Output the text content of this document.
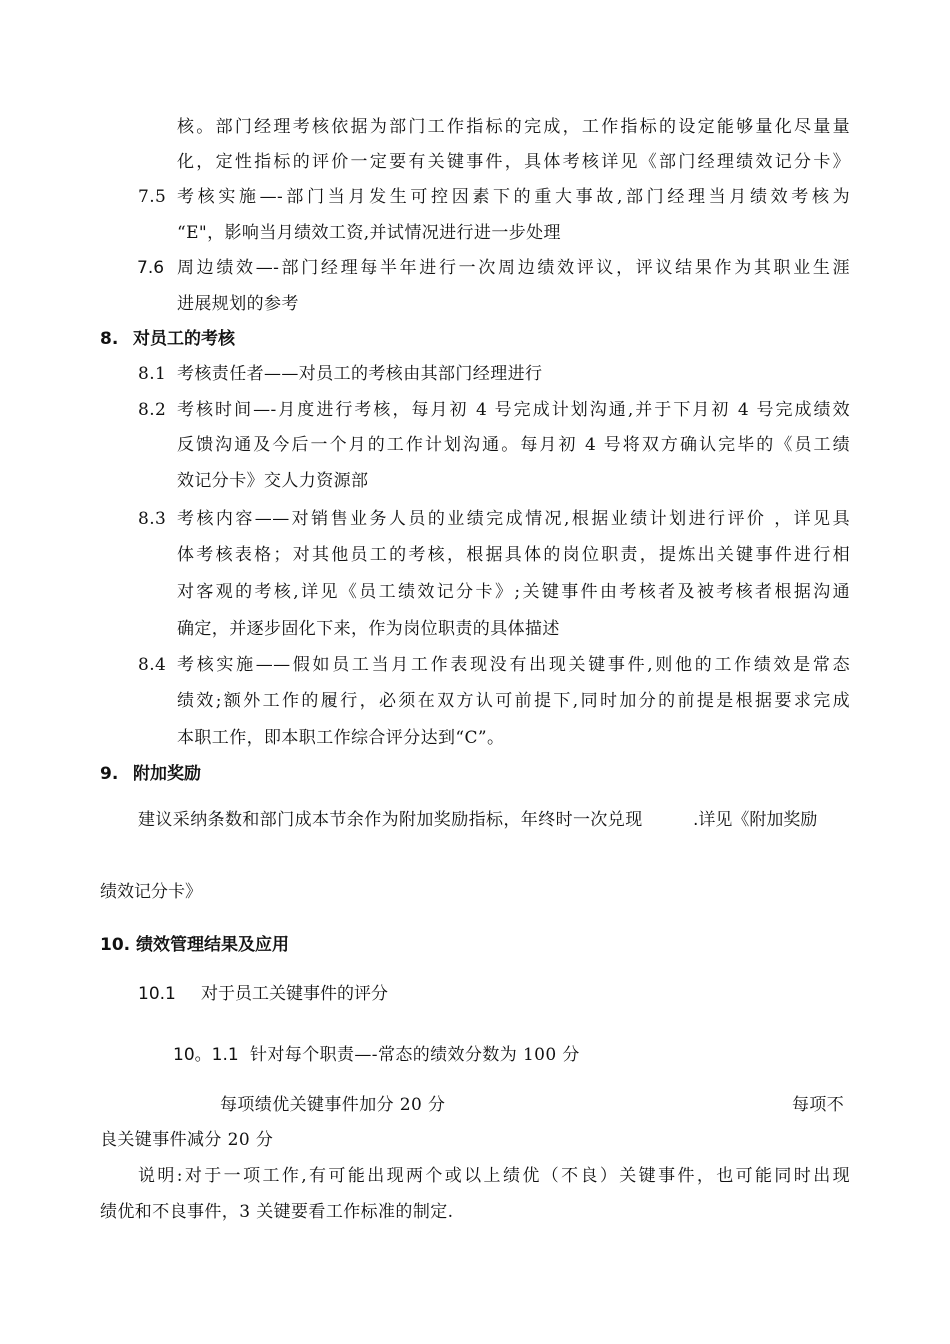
核。部门经理考核依据为部门工作指标的完成，工作指标的设定能够量化尽量量
化，定性指标的评价一定要有关键事件，具体考核详见《部门经理绩效记分卡》
7.5 考核实施—-部门当月发生可控因素下的重大事故,部门经理当月绩效考核为
“E"，影响当月绩效工资,并试情况进行进一步处理
7.6 周边绩效—-部门经理每半年进行一次周边绩效评议，评议结果作为其职业生涯
进展规划的参考
8. 对员工的考核
8.1 考核责任者——对员工的考核由其部门经理进行
8.2 考核时间—-月度进行考核，每月初 4 号完成计划沟通,并于下月初 4 号完成绩效
反馈沟通及今后一个月的工作计划沟通。每月初 4 号将双方确认完毕的《员工绩
效记分卡》交人力资源部
8.3 考核内容——对销售业务人员的业绩完成情况,根据业绩计划进行评价 ，详见具
体考核表格；对其他员工的考核，根据具体的岗位职责，提炼出关键事件进行相
对客观的考核,详见《员工绩效记分卡》;关键事件由考核者及被考核者根据沟通
确定，并逐步固化下来，作为岗位职责的具体描述
8.4 考核实施——假如员工当月工作表现没有出现关键事件,则他的工作绩效是常态
绩效;额外工作的履行，必须在双方认可前提下,同时加分的前提是根据要求完成
本职工作，即本职工作综合评分达到“C”。
9. 附加奖励
建议采纳条数和部门成本节余作为附加奖励指标，年终时一次兑现	.详见《附加奖励
绩效记分卡》
10. 绩效管理结果及应用
10.1 对于员工关键事件的评分
10。1.1 针对每个职责—-常态的绩效分数为 100 分
每项绩优关键事件加分 20 分	每项不
良关键事件减分 20 分
说明:对于一项工作,有可能出现两个或以上绩优（不良）关键事件，也可能同时出现
绩优和不良事件，3 关键要看工作标准的制定.
